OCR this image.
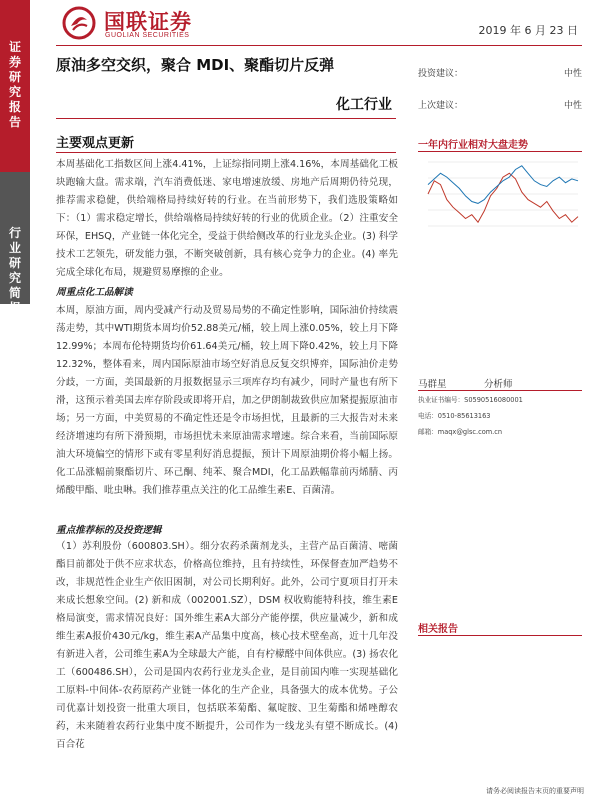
证券研究报告
行业研究简报
国联证券
GUOLIAN SECURITIES	2019 年 6 月 23 日
原油多空交织，聚合 MDI、聚酯切片反弹
化工行业
投资建议：	中性
上次建议：	中性
主要观点更新
本周基础化工指数区间上涨4.41%，上证综指同期上涨4.16%，本周基础化工板块跑输大盘。需求端，汽车消费低迷、家电增速放缓、房地产后周期仍待兑现，推荐需求稳健，供给端格局持续好转的行业。在当前形势下，我们选股策略如下：（1）需求稳定增长，供给端格局持续好转的行业的优质企业。（2）注重安全环保，EHSQ，产业链一体化完全，受益于供给侧改革的行业龙头企业。(3) 科学技术工艺领先，研发能力强，不断突破创新，具有核心竞争力的企业。(4) 率先完成全球化布局，规避贸易摩擦的企业。
周重点化工品解读
本周，原油方面，周内受减产行动及贸易局势的不确定性影响，国际油价持续震荡走势，其中WTI期货本周均价52.88美元/桶，较上周上涨0.05%，较上月下降12.99%；本周布伦特期货均价61.64美元/桶，较上周下降0.42%，较上月下降12.32%，整体看来，周内国际原油市场空好消息反复交织博弈，国际油价走势分歧，一方面，美国最新的月报数据显示三项库存均有减少，同时产量也有所下滑，这预示着美国去库存阶段或即将开启，加之伊朗制裁致供应加紧提振原油市场；另一方面，中美贸易的不确定性还是令市场担忧，且最新的三大报告对未来经济增速均有所下滑预期，市场担忧未来原油需求增速。综合来看，当前国际原油大环境偏空的情形下或有零星利好消息提振，预计下周原油期价将小幅上扬。化工品涨幅前聚酯切片、环己酮、纯苯、聚合MDI，化工品跌幅靠前丙烯腈、丙烯酸甲酯、吡虫啉。我们推荐重点关注的化工品维生素E、百菌清。
重点推荐标的及投资逻辑
（1）苏利股份（600803.SH）。细分农药杀菌剂龙头，主营产品百菌清、嘧菌酯目前都处于供不应求状态，价格高位维持，且有持续性，环保督查加严趋势不改，非规范性企业生产依旧困制，对公司长期利好。此外，公司宁夏项目打开未来成长想象空间。(2) 新和成（002001.SZ），DSM 权收购能特科技，维生素E格局演变，需求情况良好：国外维生素A大部分产能停摆，供应量减少，新和成维生素A报价430元/kg，维生素A产品集中度高，核心技术壁垒高，近十几年没有新进入者，公司维生素A为全球最大产能，自有柠檬醛中间体供应。(3) 扬农化工（600486.SH），公司是国内农药行业龙头企业，是目前国内唯一实现基础化工原料-中间体-农药原药产业链一体化的生产企业，具备强大的成本优势。子公司优嘉计划投资一批重大项目，包括联苯菊酯、氟啶胺、卫生菊酯和烯唑醇农药，未来随着农药行业集中度不断提升，公司作为一线龙头有望不断成长。(4) 百合花
一年内行业相对大盘走势
马群星	分析师
执业证书编号：S0590516080001
电话：0510-85613163
邮箱：maqx@glsc.com.cn
相关报告
请务必阅读报告末页的重要声明
